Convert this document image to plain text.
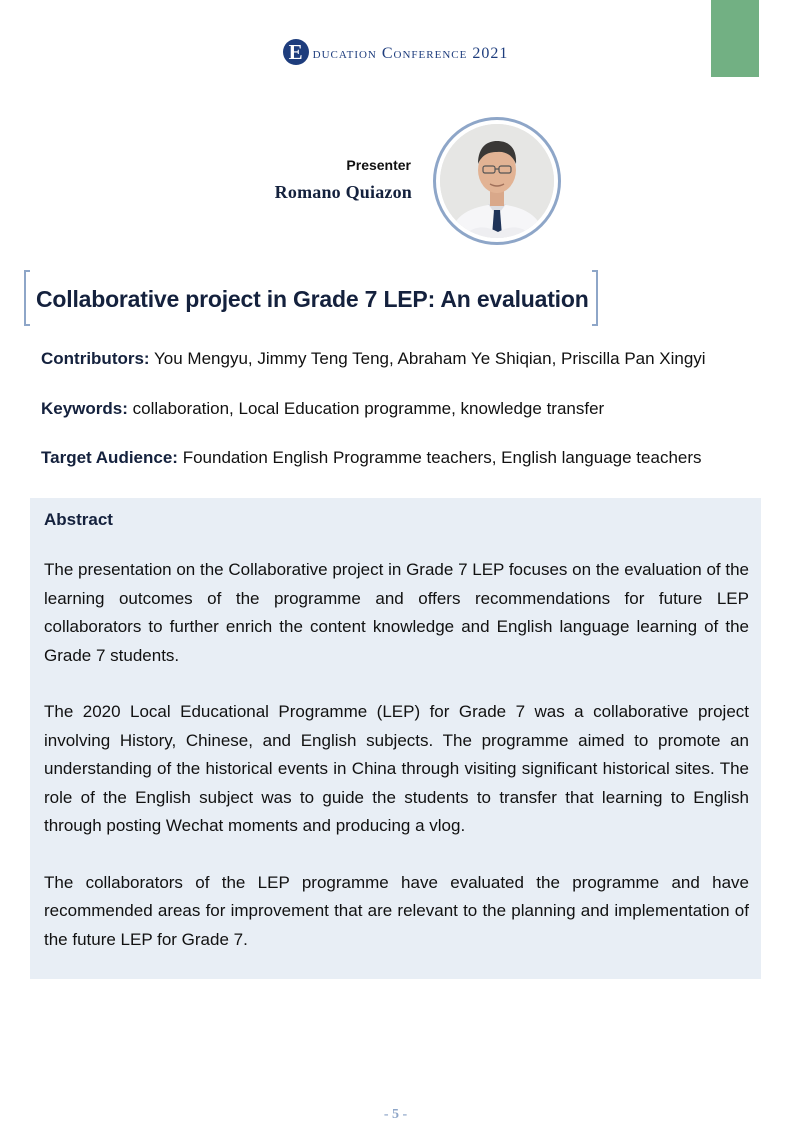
E ducation Conference 2021
Presenter
Romano Quiazon
Collaborative project in Grade 7 LEP: An evaluation
Contributors: You Mengyu, Jimmy Teng Teng, Abraham Ye Shiqian, Priscilla Pan Xingyi
Keywords: collaboration, Local Education programme, knowledge transfer
Target Audience: Foundation English Programme teachers, English language teachers
Abstract

The presentation on the Collaborative project in Grade 7 LEP focuses on the evaluation of the learning outcomes of the programme and offers recommendations for future LEP collaborators to further enrich the content knowledge and English language learning of the Grade 7 students.

The 2020 Local Educational Programme (LEP) for Grade 7 was a collaborative project involving History, Chinese, and English subjects. The programme aimed to promote an understanding of the historical events in China through visiting significant historical sites. The role of the English subject was to guide the students to transfer that learning to English through posting Wechat moments and producing a vlog.

The collaborators of the LEP programme have evaluated the programme and have recommended areas for improvement that are relevant to the planning and implementation of the future LEP for Grade 7.

- 5 -
